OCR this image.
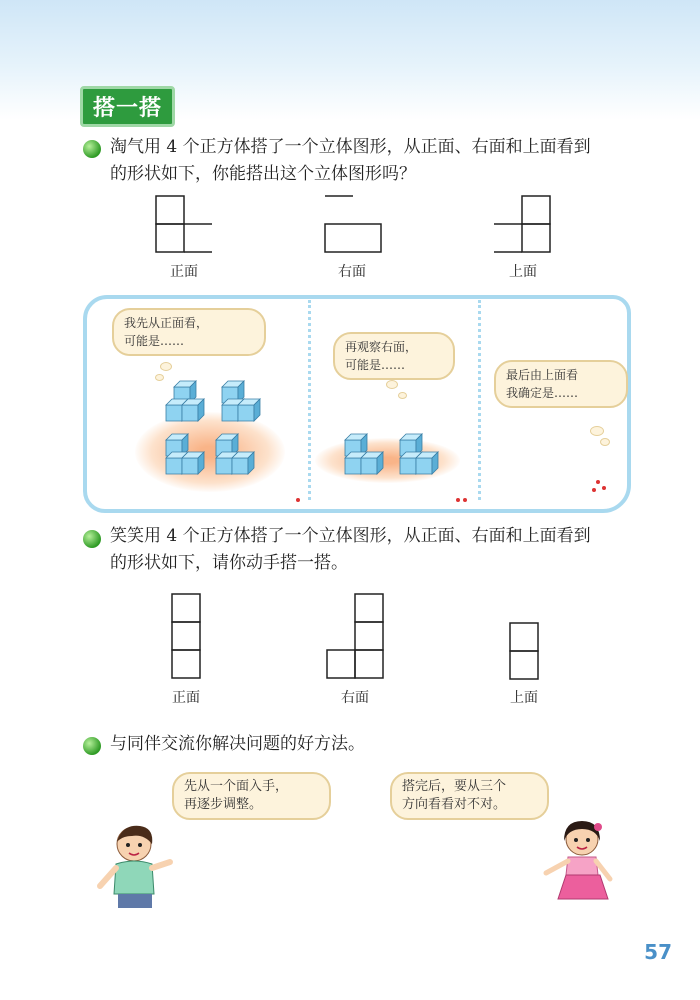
搭一搭
淘气用 4 个正方体搭了一个立体图形，从正面、右面和上面看到
的形状如下，你能搭出这个立体图形吗？
正面	右面	上面
我先从正面看，
可能是……	再观察右面，
可能是……
最后由上面看
我确定是……
笑笑用 4 个正方体搭了一个立体图形，从正面、右面和上面看到
的形状如下，请你动手搭一搭。
正面	右面	上面
与同伴交流你解决问题的好方法。
先从一个面入手，
再逐步调整。
搭完后，要从三个
方向看看对不对。
57
